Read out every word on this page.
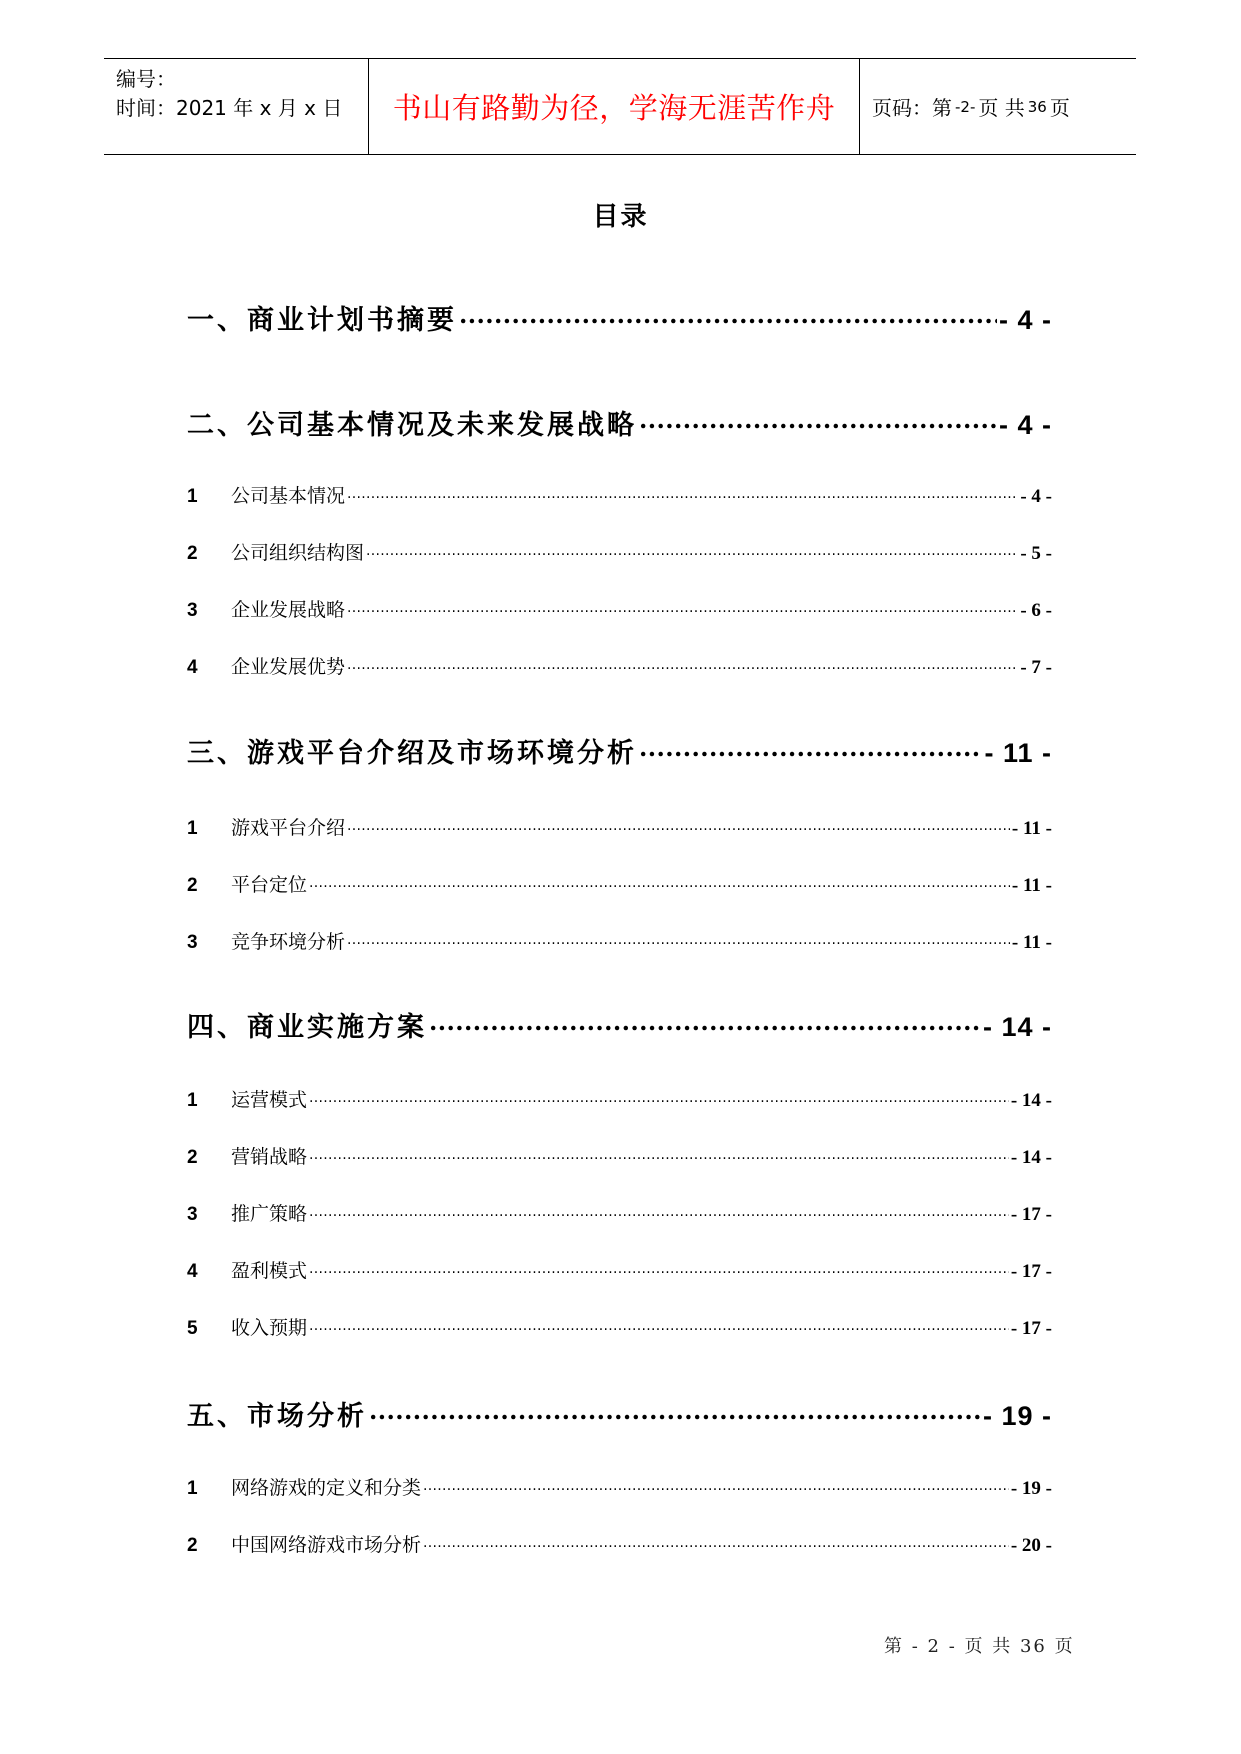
编号：
时间：2021 年 x 月 x 日 书山有路勤为径，学海无涯苦作舟 页码：第 -2- 页 共 36 页
目录
一、商业计划书摘要 .....	- 4 -
二、公司基本情况及未来发展战略 .....	- 4 -
1	公司基本情况 .....	- 4 -
2	公司组织结构图 .....	- 5 -
3	企业发展战略 .....	- 6 -
4	企业发展优势 .....	- 7 -
三、游戏平台介绍及市场环境分析 .....	- 11 -
1	游戏平台介绍 .....	- 11 -
2	平台定位 .....	- 11 -
3	竞争环境分析 .....	- 11 -
四、商业实施方案 .....	- 14 -
1	运营模式 .....	- 14 -
2	营销战略 .....	- 14 -
3	推广策略 .....	- 17 -
4	盈利模式 .....	- 17 -
5	收入预期 .....	- 17 -
五、市场分析 .....	- 19 -
1	网络游戏的定义和分类 .....	- 19 -
2	中国网络游戏市场分析 .....	- 20 -
第 - 2 - 页 共 36 页
